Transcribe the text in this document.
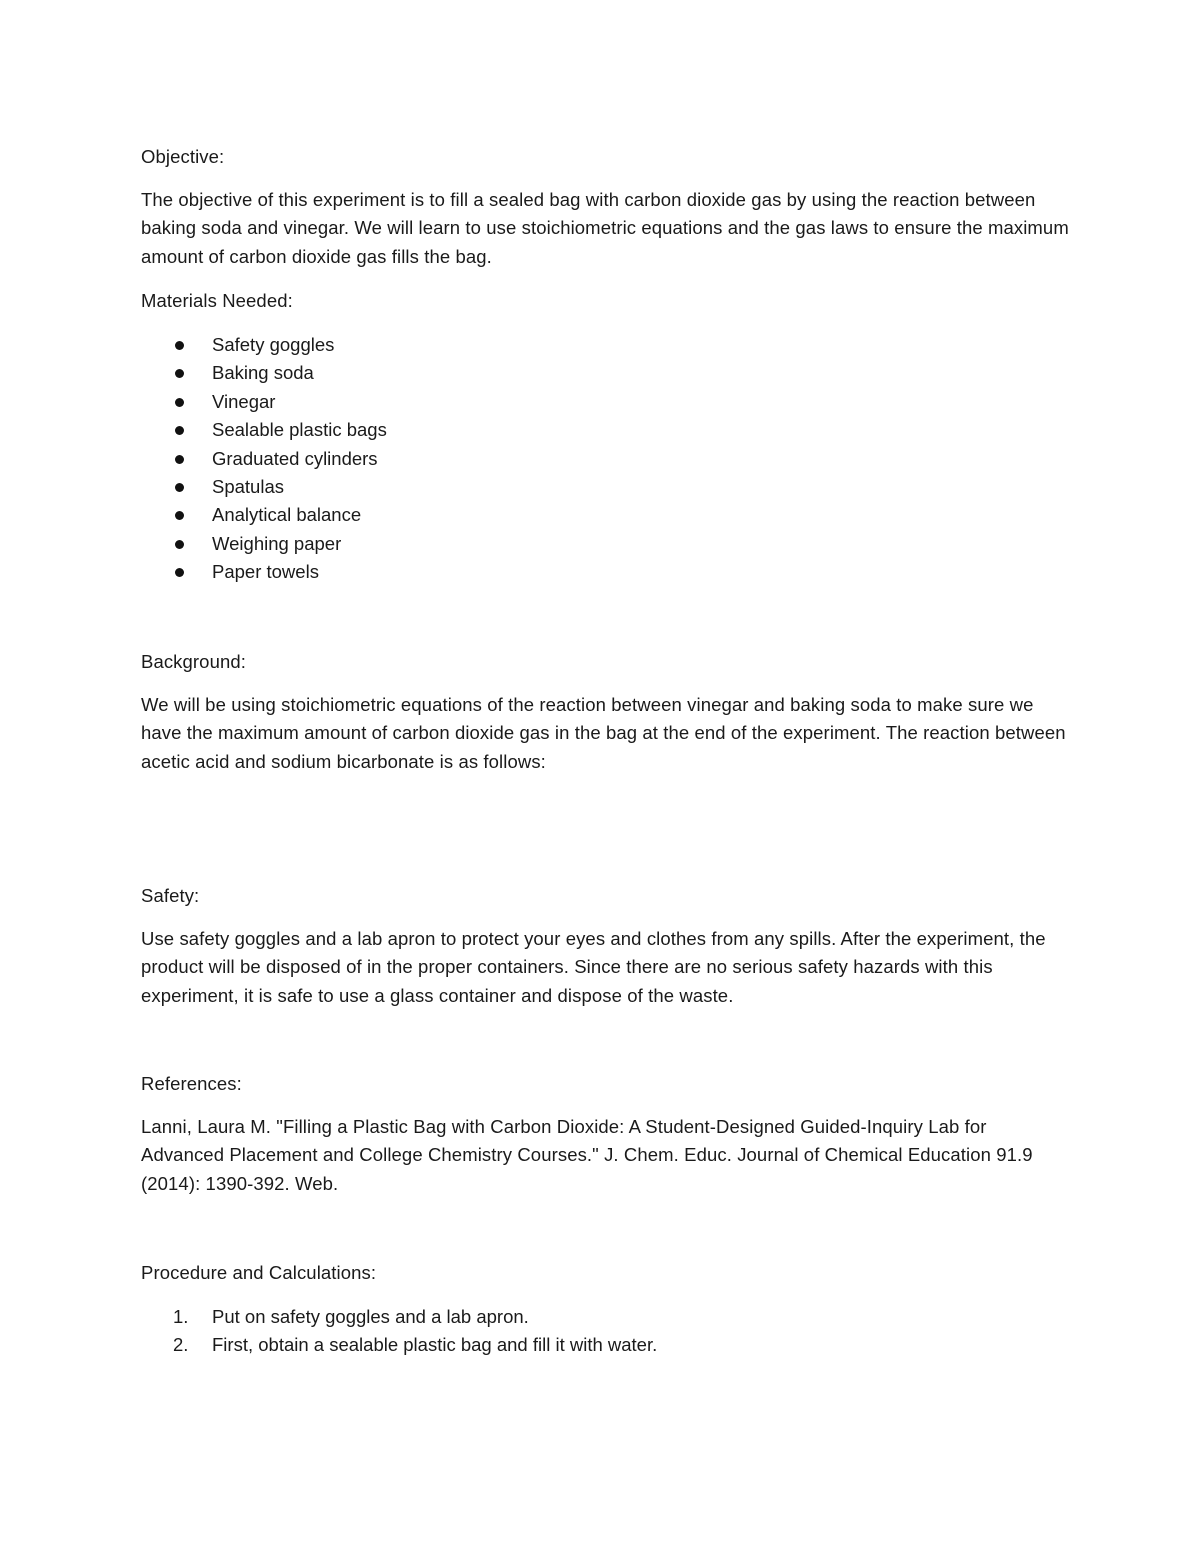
Objective:

The objective of this experiment is to fill a sealed bag with carbon dioxide gas by using the reaction between baking soda and vinegar. We will learn to use stoichiometric equations and the gas laws to ensure the maximum amount of carbon dioxide gas fills the bag.

Materials Needed:

Safety goggles
Baking soda
Vinegar
Sealable plastic bags
Graduated cylinders
Spatulas
Analytical balance
Weighing paper
Paper towels

Background:

We will be using stoichiometric equations of the reaction between vinegar and baking soda to make sure we have the maximum amount of carbon dioxide gas in the bag at the end of the experiment. The reaction between acetic acid and sodium bicarbonate is as follows:

Safety:

Use safety goggles and a lab apron to protect your eyes and clothes from any spills. After the experiment, the product will be disposed of in the proper containers. Since there are no serious safety hazards with this experiment, it is safe to use a glass container and dispose of the waste.

References:

Lanni, Laura M. "Filling a Plastic Bag with Carbon Dioxide: A Student-Designed Guided-Inquiry Lab for Advanced Placement and College Chemistry Courses." J. Chem. Educ. Journal of Chemical Education 91.9 (2014): 1390-392. Web.

Procedure and Calculations:

1. Put on safety goggles and a lab apron.
2. First, obtain a sealable plastic bag and fill it with water.
